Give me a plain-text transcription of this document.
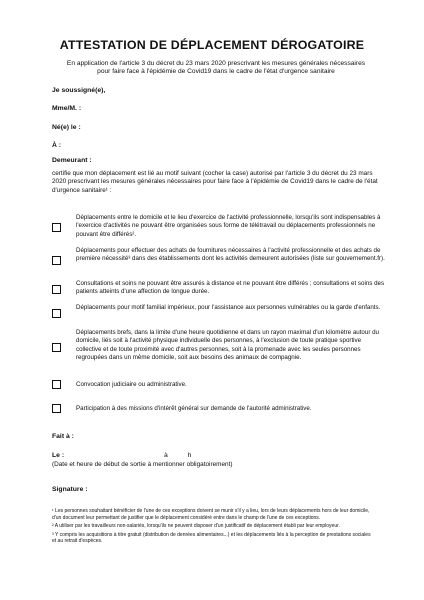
ATTESTATION DE DÉPLACEMENT DÉROGATOIRE
En application de l'article 3 du décret du 23 mars 2020 prescrivant les mesures générales nécessaires pour faire face à l'épidémie de Covid19 dans le cadre de l'état d'urgence sanitaire
Je soussigné(e),
Mme/M. :
Né(e) le :
À :
Demeurant :
certifie que mon déplacement est lié au motif suivant (cocher la case) autorisé par l'article 3 du décret du 23 mars 2020 prescrivant les mesures générales nécessaires pour faire face à l'épidémie de Covid19 dans le cadre de l'état d'urgence sanitaire¹ :
Déplacements entre le domicile et le lieu d'exercice de l'activité professionnelle, lorsqu'ils sont indispensables à l'exercice d'activités ne pouvant être organisées sous forme de télétravail ou déplacements professionnels ne pouvant être différés².
Déplacements pour effectuer des achats de fournitures nécessaires à l'activité professionnelle et des achats de première nécessité³ dans des établissements dont les activités demeurent autorisées (liste sur gouvernement.fr).
Consultations et soins ne pouvant être assurés à distance et ne pouvant être différés ; consultations et soins des patients atteints d'une affection de longue durée.
Déplacements pour motif familial impérieux, pour l'assistance aux personnes vulnérables ou la garde d'enfants.
Déplacements brefs, dans la limite d'une heure quotidienne et dans un rayon maximal d'un kilomètre autour du domicile, liés soit à l'activité physique individuelle des personnes, à l'exclusion de toute pratique sportive collective et de toute proximité avec d'autres personnes, soit à la promenade avec les seules personnes regroupées dans un même domicile, soit aux besoins des animaux de compagnie.
Convocation judiciaire ou administrative.
Participation à des missions d'intérêt général sur demande de l'autorité administrative.
Fait à :
Le :	à	h
(Date et heure de début de sortie à mentionner obligatoirement)
Signature :

¹ Les personnes souhaitant bénéficier de l'une de ces exceptions doivent se munir s'il y a lieu, lors de leurs déplacements hors de leur domicile, d'un document leur permettant de justifier que le déplacement considéré entre dans le champ de l'une de ces exceptions.

² A utiliser par les travailleurs non-salariés, lorsqu'ils ne peuvent disposer d'un justificatif de déplacement établi par leur employeur.

³ Y compris les acquisitions à titre gratuit (distribution de denrées alimentaires...) et les déplacements liés à la perception de prestations sociales et au retrait d'espèces.
